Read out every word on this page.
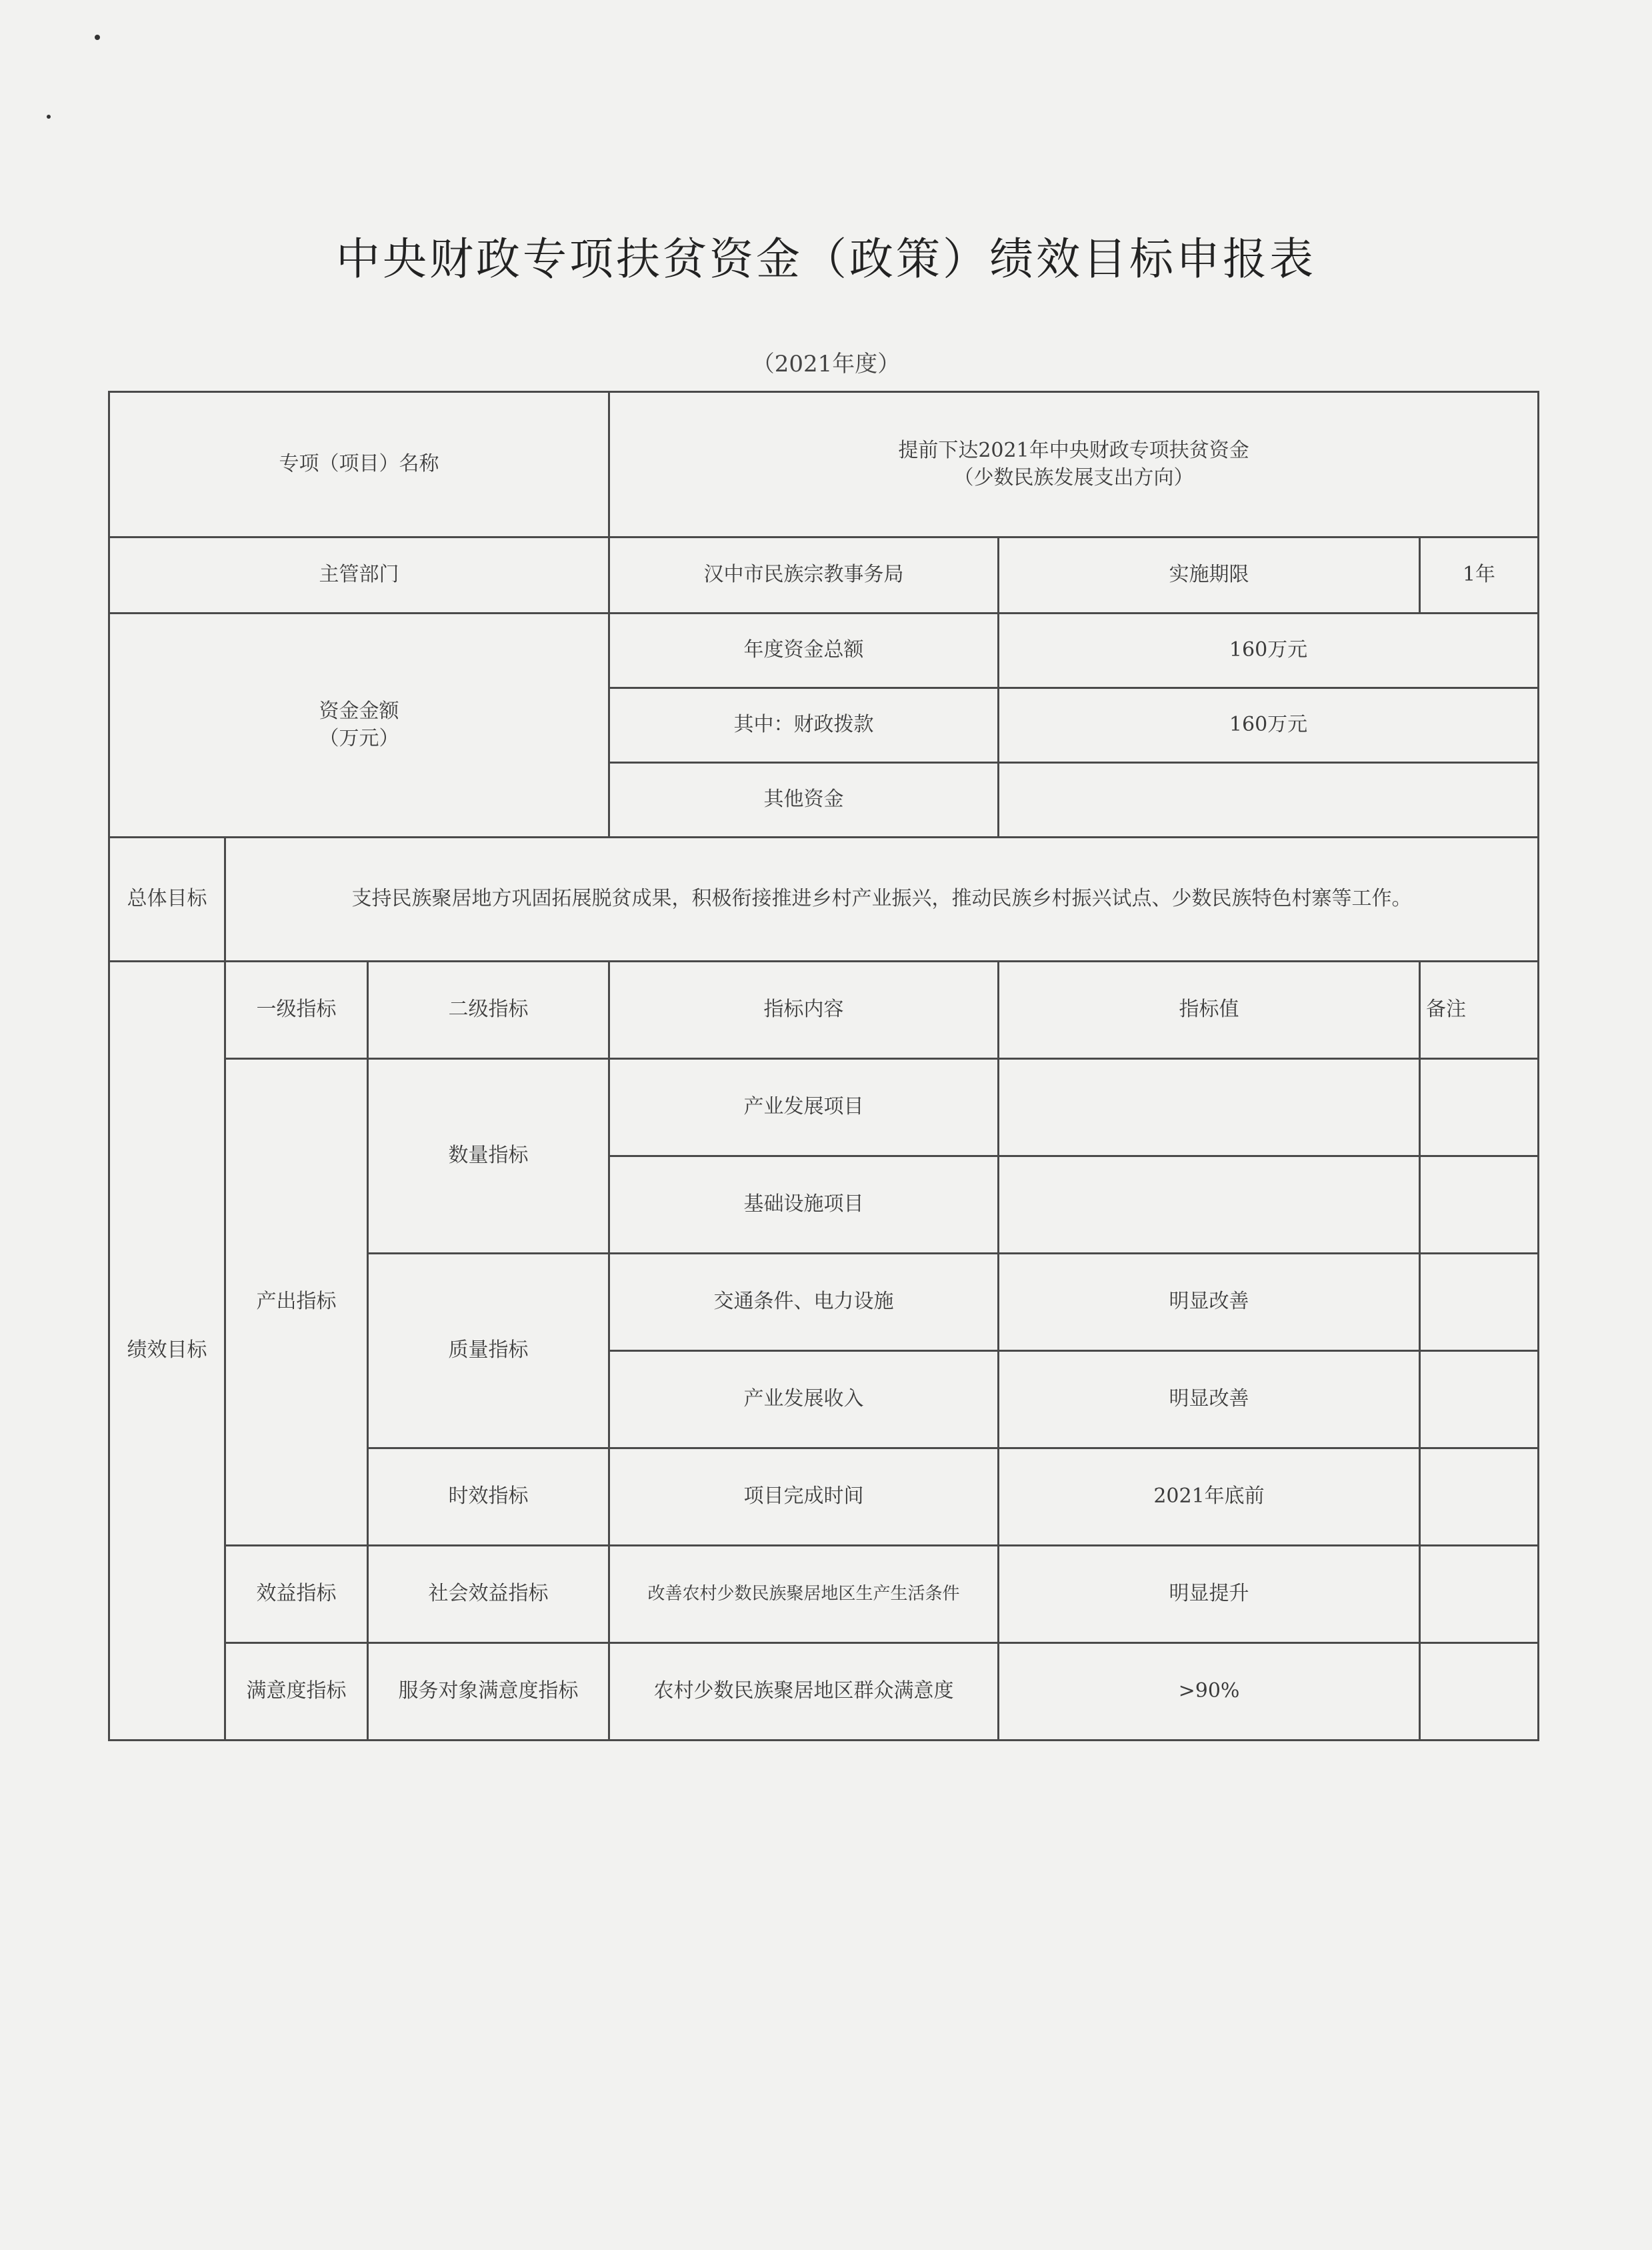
中央财政专项扶贫资金（政策）绩效目标申报表
（2021年度）
专项（项目）名称			提前下达2021年中央财政专项扶贫资金
（少数民族发展支出方向）		

主管部门			汉中市民族宗教事务局	实施期限	1年

资金金额
（万元）			年度资金总额	160万元	
			其中：财政拨款	160万元	
			其他资金		
总体目标	支持民族聚居地方巩固拓展脱贫成果，积极衔接推进乡村产业振兴，推动民族乡村振兴试点、少数民族特色村寨等工作。				
绩效目标	一级指标	二级指标	指标内容	指标值	备注
	产出指标	数量指标	产业发展项目		
			基础设施项目		
		质量指标	交通条件、电力设施	明显改善	
			产业发展收入	明显改善	
		时效指标	项目完成时间	2021年底前	
	效益指标	社会效益指标	改善农村少数民族聚居地区生产生活条件	明显提升	
	满意度指标	服务对象满意度指标	农村少数民族聚居地区群众满意度	>90%	
